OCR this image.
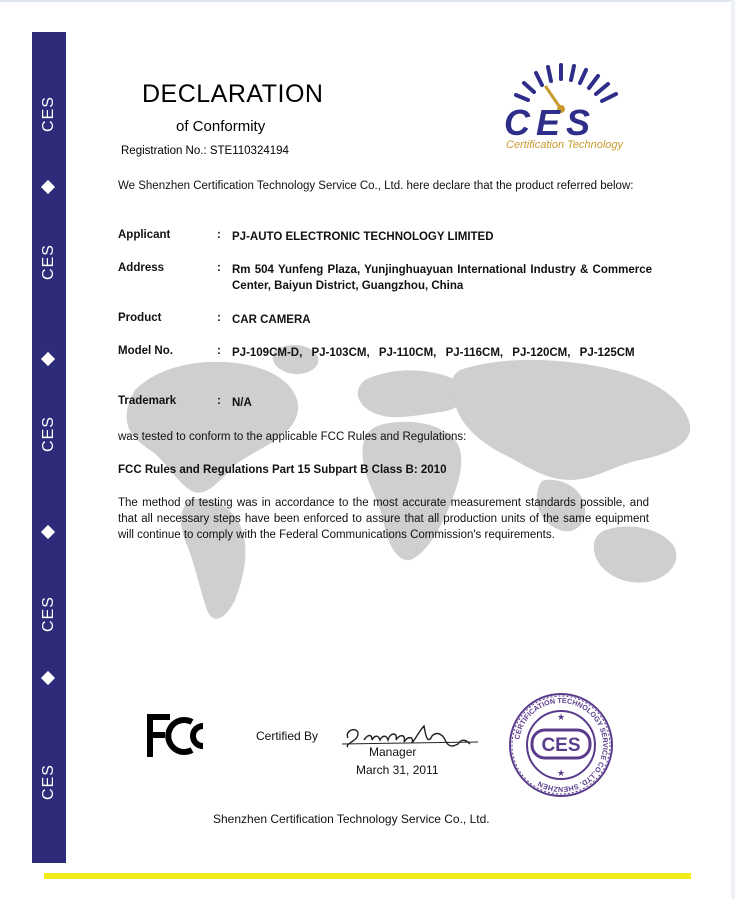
CES
CES
CES
CES
CES
DECLARATION
of Conformity
Registration No.: STE110324194
CES
Certification Technology
We Shenzhen Certification Technology Service Co., Ltd. here declare that the product referred below:
Applicant	: PJ-AUTO ELECTRONIC TECHNOLOGY LIMITED
Address	: Rm 504 Yunfeng Plaza, Yunjinghuayuan International Industry & Commerce Center, Baiyun District, Guangzhou, China
Product	: CAR CAMERA
Model No.	: PJ-109CM-D, PJ-103CM, PJ-110CM, PJ-116CM, PJ-120CM, PJ-125CM
Trademark	: N/A
was tested to conform to the applicable FCC Rules and Regulations:
FCC Rules and Regulations Part 15 Subpart B Class B: 2010
The method of testing was in accordance to the most accurate measurement standards possible, and that all necessary steps have been enforced to assure that all production units of the same equipment will continue to comply with the Federal Communications Commission's requirements.
FC
Certified By
Manager
March 31, 2011
CERTIFICATION TECHNOLOGY SERVICE CO.,LTD. SHENZHEN
CES
★
★
Shenzhen Certification Technology Service Co., Ltd.
